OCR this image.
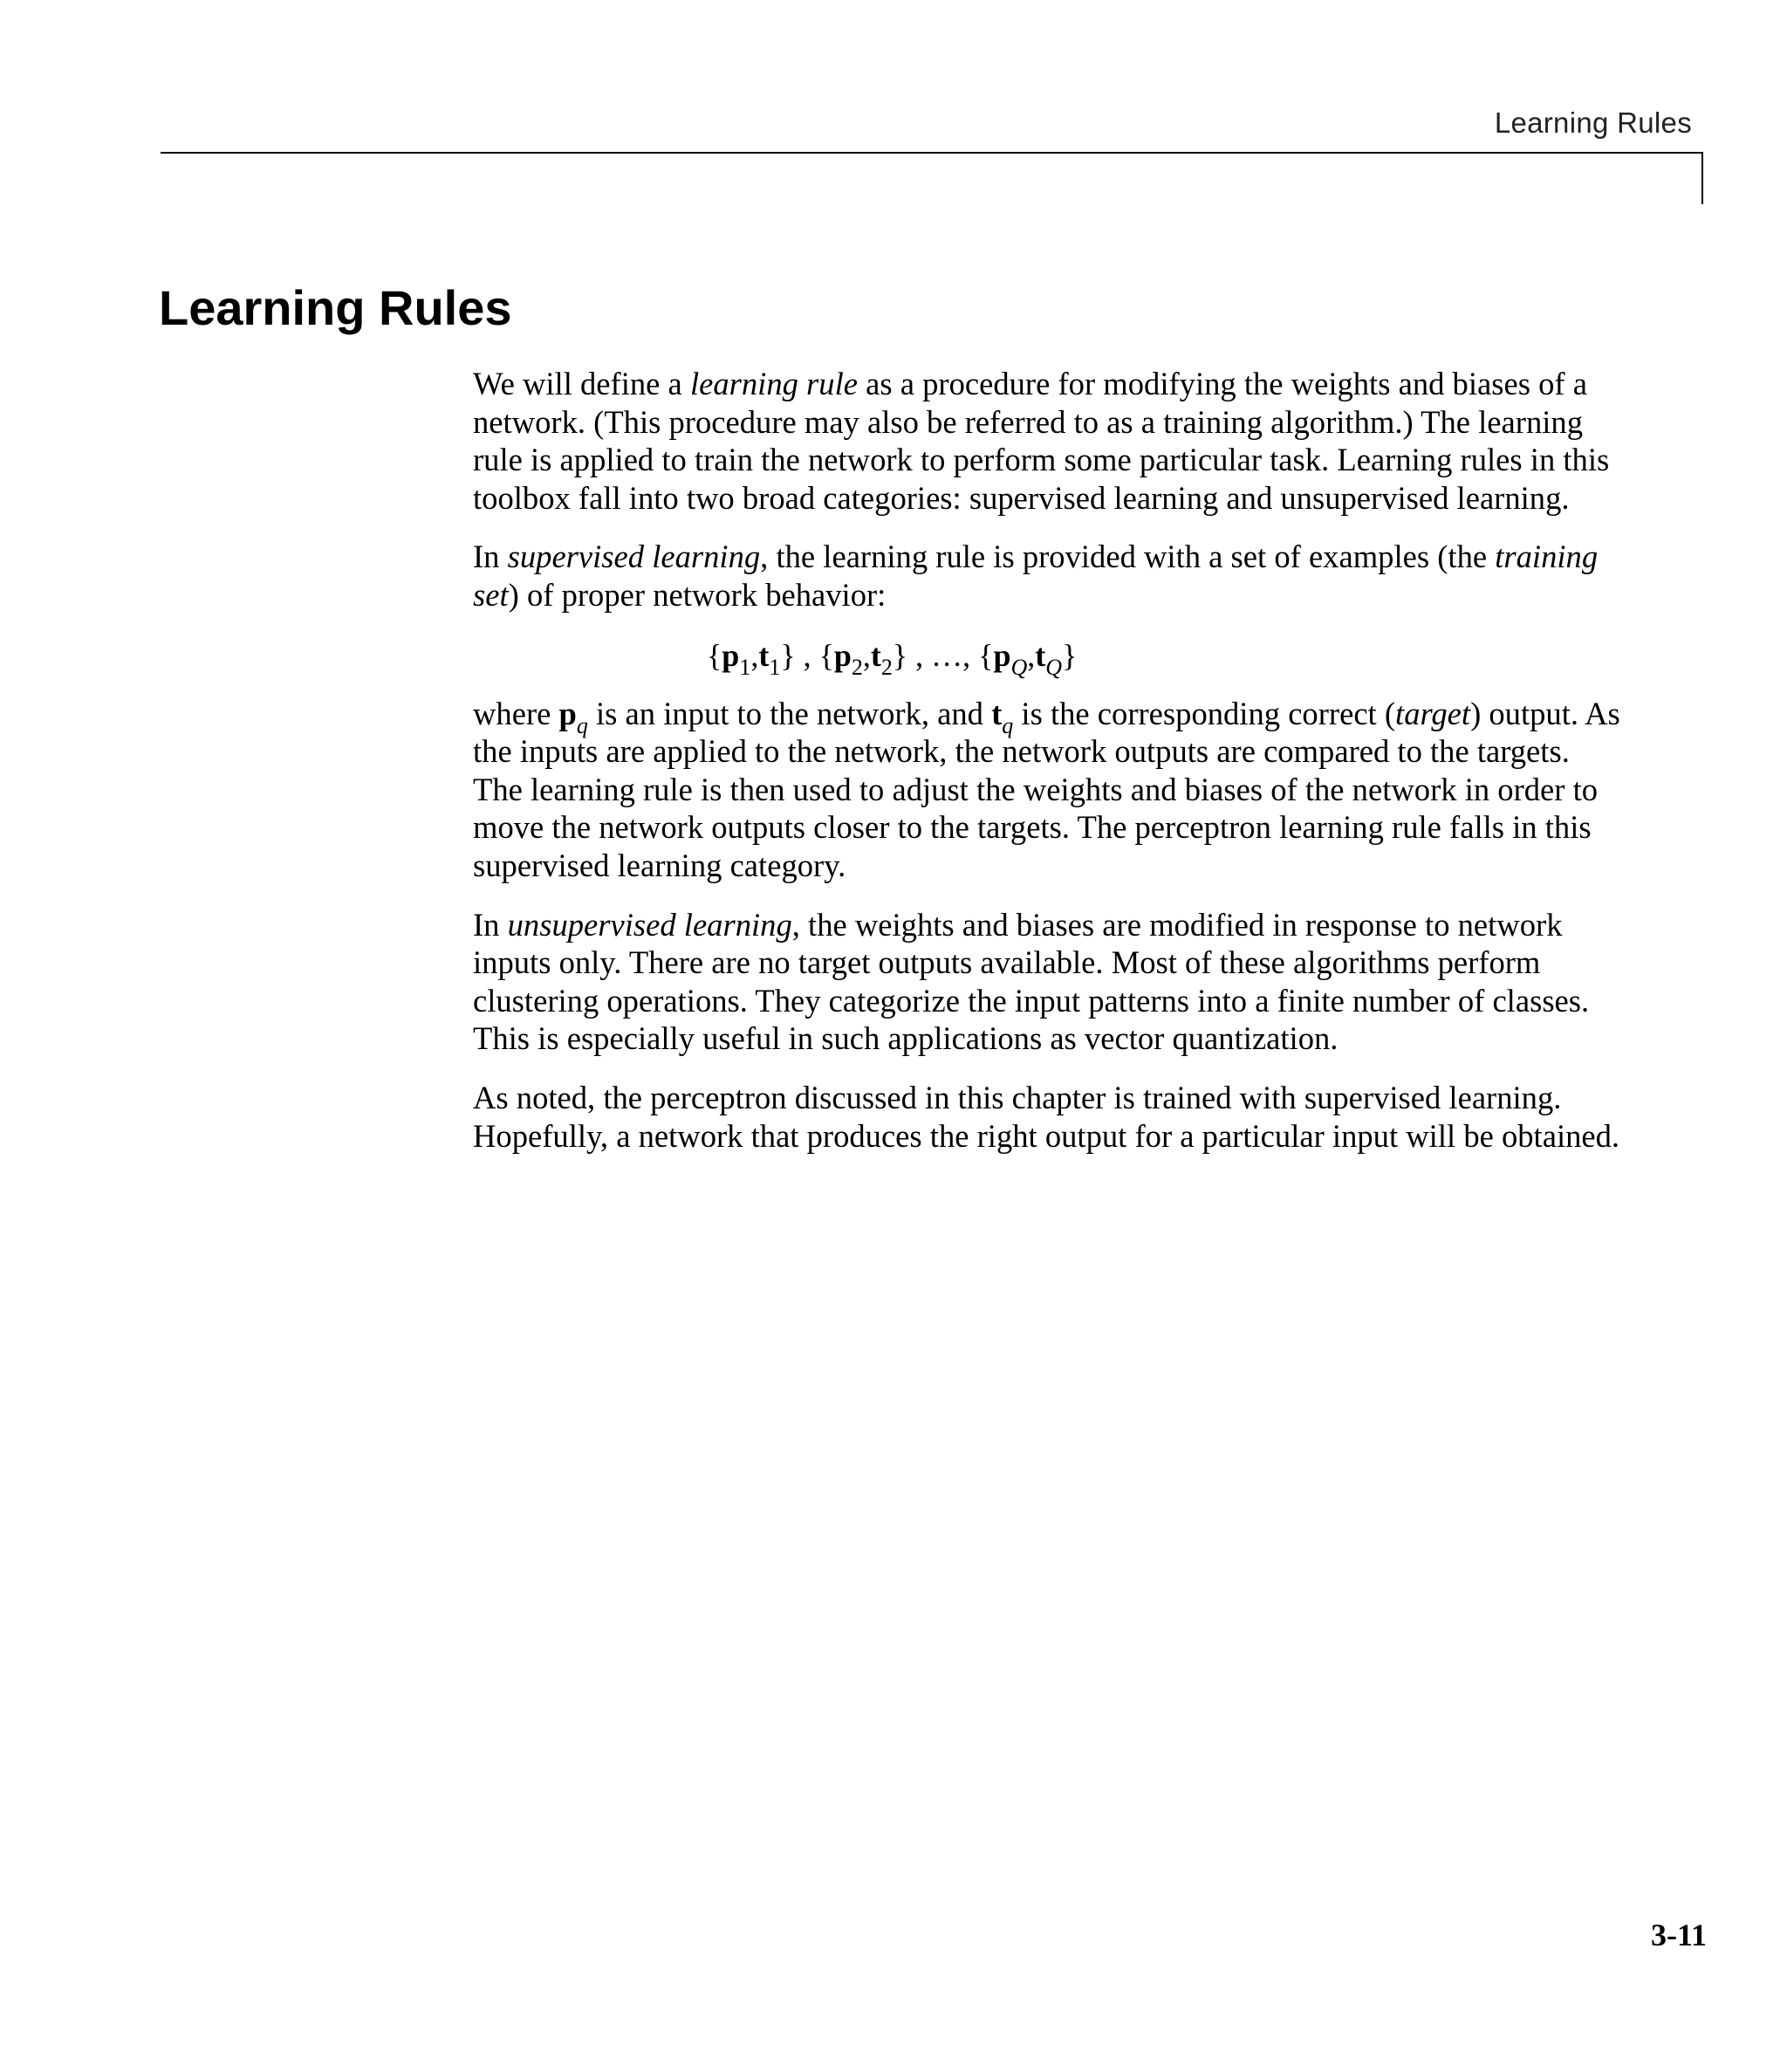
Learning Rules
Learning Rules

We will define a learning rule as a procedure for modifying the weights and biases of a network. (This procedure may also be referred to as a training algorithm.) The learning rule is applied to train the network to perform some particular task. Learning rules in this toolbox fall into two broad categories: supervised learning and unsupervised learning.

In supervised learning, the learning rule is provided with a set of examples (the training set) of proper network behavior:

$\{p_1,t_1\}$ , $\{p_2,t_2\}$ , …, $\{p_Q,t_Q\}$

where $p_q$ is an input to the network, and $t_q$ is the corresponding correct (target) output. As the inputs are applied to the network, the network outputs are compared to the targets. The learning rule is then used to adjust the weights and biases of the network in order to move the network outputs closer to the targets. The perceptron learning rule falls in this supervised learning category.

In unsupervised learning, the weights and biases are modified in response to network inputs only. There are no target outputs available. Most of these algorithms perform clustering operations. They categorize the input patterns into a finite number of classes. This is especially useful in such applications as vector quantization.

As noted, the perceptron discussed in this chapter is trained with supervised learning. Hopefully, a network that produces the right output for a particular input will be obtained.

3-11
